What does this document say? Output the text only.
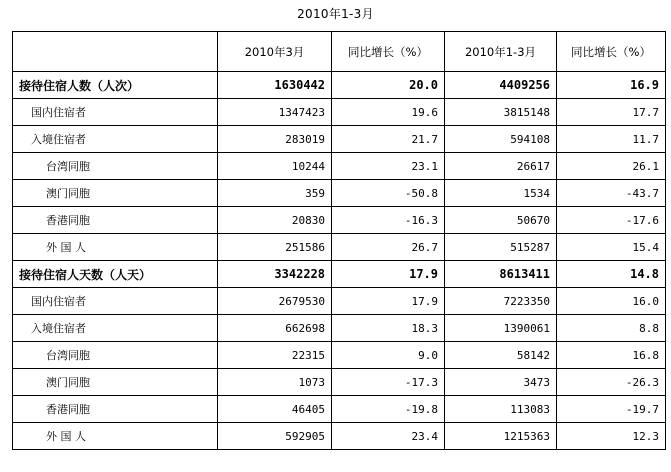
2010年1-3月
	2010年3月	同比增长（%）	2010年1-3月	同比增长（%）
接待住宿人数（人次）	1630442	20.0	4409256	16.9
国内住宿者	1347423	19.6	3815148	17.7
入境住宿者	283019	21.7	594108	11.7
台湾同胞	10244	23.1	26617	26.1
澳门同胞	359	-50.8	1534	-43.7
香港同胞	20830	-16.3	50670	-17.6
外 国 人	251586	26.7	515287	15.4
接待住宿人天数（人天）	3342228	17.9	8613411	14.8
国内住宿者	2679530	17.9	7223350	16.0
入境住宿者	662698	18.3	1390061	8.8
台湾同胞	22315	9.0	58142	16.8
澳门同胞	1073	-17.3	3473	-26.3
香港同胞	46405	-19.8	113083	-19.7
外 国 人	592905	23.4	1215363	12.3
